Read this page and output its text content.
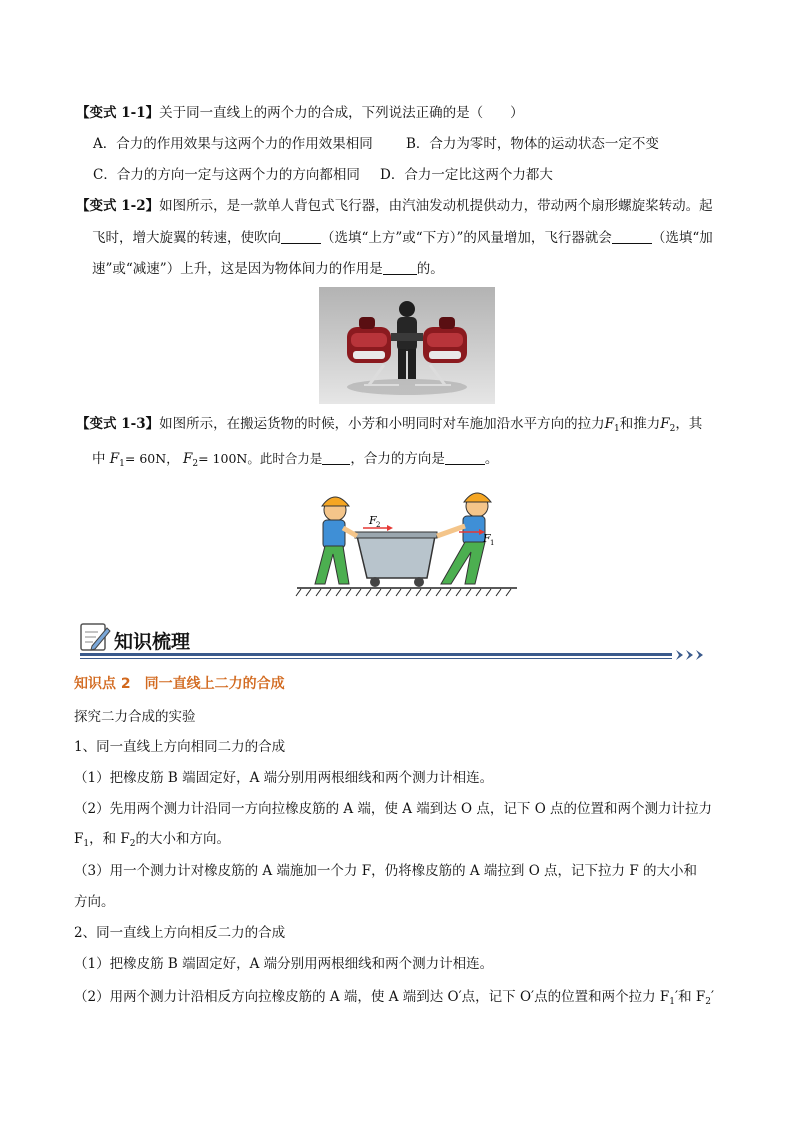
【变式 1-1】关于同一直线上的两个力的合成，下列说法正确的是（　　）
A．合力的作用效果与这两个力的作用效果相同 B．合力为零时，物体的运动状态一定不变
C．合力的方向一定与这两个力的方向都相同 D．合力一定比这两个力都大
【变式 1-2】如图所示，是一款单人背包式飞行器，由汽油发动机提供动力，带动两个扇形螺旋桨转动。起
飞时，增大旋翼的转速，使吹向	（选填“上方”或“下方）”的风量增加，飞行器就会	（选填“加
速”或“减速”）上升，这是因为物体间力的作用是	的。
【变式 1-3】如图所示，在搬运货物的时候，小芳和小明同时对车施加沿水平方向的拉力$F_1$和推力$F_2$，其
中 $F_1= 60N$， $F_2= 100N$。此时合力是 ，合力的方向是	。
F 2
F 1
知识梳理
知识点 2　同一直线上二力的合成
探究二力合成的实验
1、同一直线上方向相同二力的合成
（1）把橡皮筋 B 端固定好，A 端分别用两根细线和两个测力计相连。
（2）先用两个测力计沿同一方向拉橡皮筋的 A 端，使 A 端到达 O 点，记下 O 点的位置和两个测力计拉力
$F_1$，和 $F_2$的大小和方向。
（3）用一个测力计对橡皮筋的 A 端施加一个力 F，仍将橡皮筋的 A 端拉到 O 点，记下拉力 F 的大小和
方向。
2、同一直线上方向相反二力的合成
（1）把橡皮筋 B 端固定好，A 端分别用两根细线和两个测力计相连。
（2）用两个测力计沿相反方向拉橡皮筋的 A 端，使 A 端到达 O′点，记下 O′点的位置和两个拉力 $F_1'$和 $F_2'$
